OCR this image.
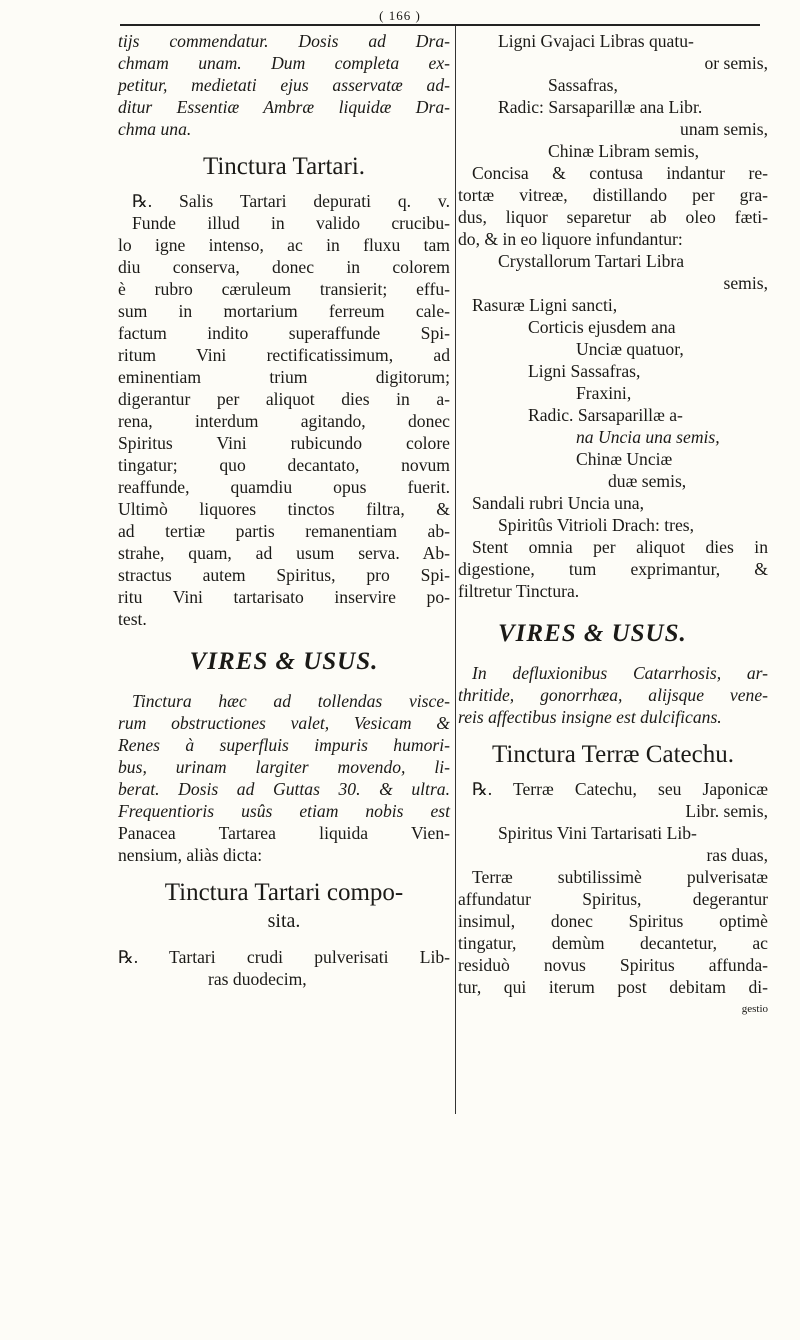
( 166 )

tijs commendatur. Dosis ad Dra-

chmam unam. Dum completa ex-

petitur, medietati ejus asservatæ ad-

ditur Essentiæ Ambræ liquidæ Dra-

chma una.

Tinctura Tartari.

℞. Salis Tartari depurati q. v.

Funde illud in valido crucibu-

lo igne intenso, ac in fluxu tam

diu conserva, donec in colorem

è rubro cæruleum transierit; effu-

sum in mortarium ferreum cale-

factum indito superaffunde Spi-

ritum Vini rectificatissimum, ad

eminentiam trium digitorum;

digerantur per aliquot dies in a-

rena, interdum agitando, donec

Spiritus Vini rubicundo colore

tingatur; quo decantato, novum

reaffunde, quamdiu opus fuerit.

Ultimò liquores tinctos filtra, &

ad tertiæ partis remanentiam ab-

strahe, quam, ad usum serva. Ab-

stractus autem Spiritus, pro Spi-

ritu Vini tartarisato inservire po-

test.

VIRES & USUS.

Tinctura hæc ad tollendas visce-

rum obstructiones valet, Vesicam &

Renes à superfluis impuris humori-

bus, urinam largiter movendo, li-

berat. Dosis ad Guttas 30. & ultra.

Frequentioris usûs etiam nobis est

Panacea Tartarea liquida Vien-

nensium, aliàs dicta:

Tinctura Tartari compo-

sita.

℞. Tartari crudi pulverisati Lib-

ras duodecim,

Ligni Gvajaci Libras quatu-

or semis,

Sassafras,

Radic: Sarsaparillæ ana Libr.

unam semis,

Chinæ Libram semis,

Concisa & contusa indantur re-

tortæ vitreæ, distillando per gra-

dus, liquor separetur ab oleo fæti-

do, & in eo liquore infundantur:

Crystallorum Tartari Libra

semis,

Rasuræ Ligni sancti,

Corticis ejusdem ana

Unciæ quatuor,

Ligni Sassafras,

Fraxini,

Radic. Sarsaparillæ a-

na Uncia una semis,

Chinæ Unciæ

duæ semis,

Sandali rubri Uncia una,

Spiritûs Vitrioli Drach: tres,

Stent omnia per aliquot dies in

digestione, tum exprimantur, &

filtretur Tinctura.

VIRES & USUS.

In defluxionibus Catarrhosis, ar-

thritide, gonorrhæa, alijsque vene-

reis affectibus insigne est dulcificans.

Tinctura Terræ Catechu.

℞. Terræ Catechu, seu Japonicæ

Libr. semis,

Spiritus Vini Tartarisati Lib-

ras duas,

Terræ subtilissimè pulverisatæ

affundatur Spiritus, degerantur

insimul, donec Spiritus optimè

tingatur, demùm decantetur, ac

residuò novus Spiritus affunda-

tur, qui iterum post debitam di-

gestio
